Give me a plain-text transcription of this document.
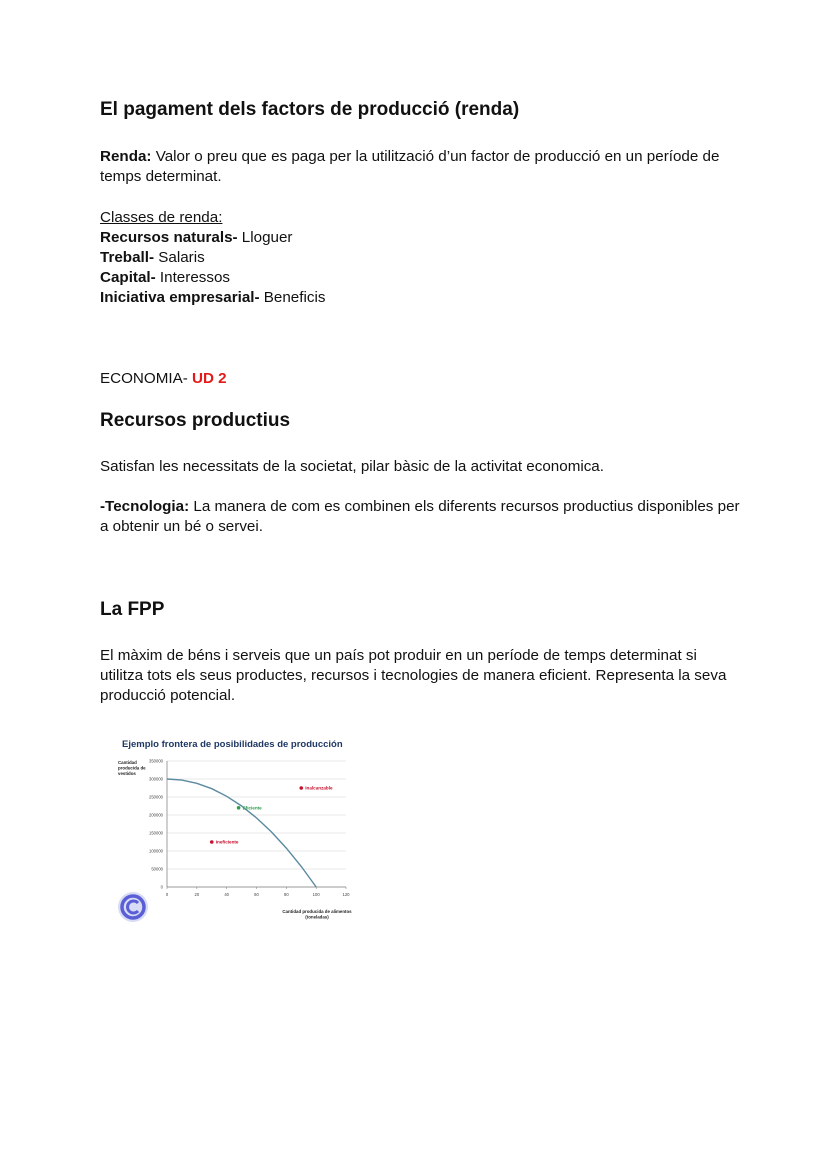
El pagament dels factors de producció (renda)
Renda: Valor o preu que es paga per la utilització d’un factor de producció en un període de temps determinat.
Classes de renda:
Recursos naturals- Lloguer
Treball- Salaris
Capital- Interessos
Iniciativa empresarial- Beneficis
ECONOMIA- UD 2
Recursos productius
Satisfan les necessitats de la societat, pilar bàsic de la activitat economica.
-Tecnologia: La manera de com es combinen els diferents recursos productius disponibles per a obtenir un bé o servei.
La FPP
El màxim de béns i serveis que un país pot produir en un període de temps determinat si utilitza tots els seus productes, recursos i tecnologies de manera eficient. Representa la seva producció potencial.
Ejemplo frontera de posibilidades de producción
0
50000
100000
150000
200000
250000
300000
350000
0	20	40	60	80	100	120
Inalcanzable
Eficiente
Ineficiente
Cantidad
producida de
vestidos
Cantidad producida de alimentos
(toneladas)
